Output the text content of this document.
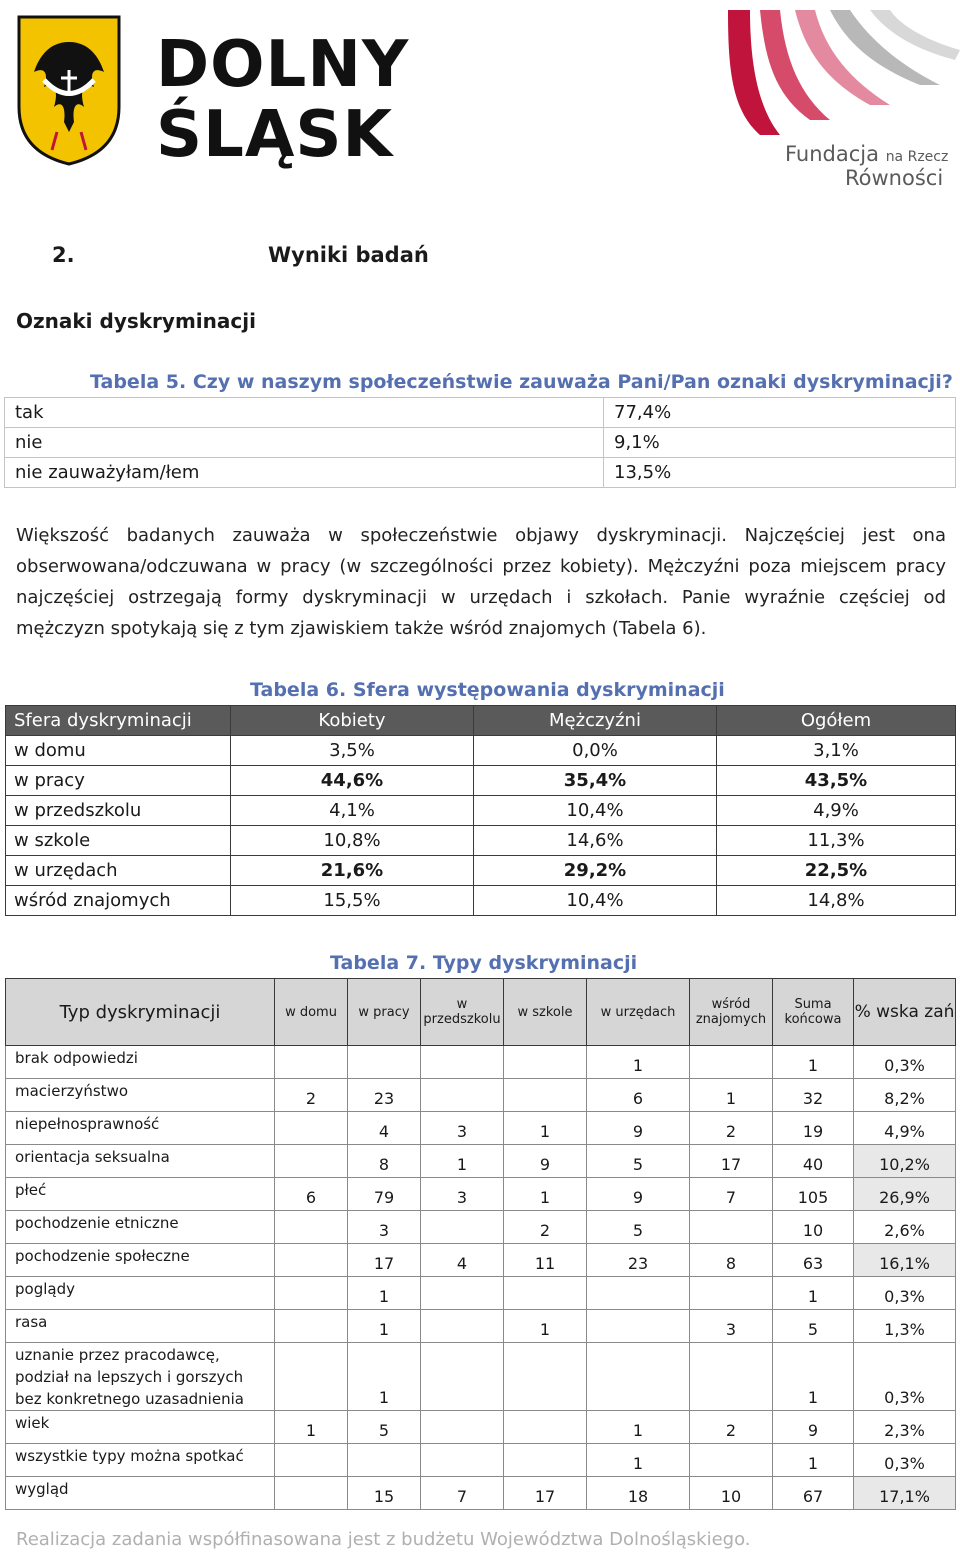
DOLNY
ŚLĄSK	Fundacja na Rzecz
Równości
2.	Wyniki badań
Oznaki dyskryminacji
Tabela 5. Czy w naszym społeczeństwie zauważa Pani/Pan oznaki dyskryminacji?
tak	77,4%
nie	9,1%
nie zauważyłam/łem	13,5%
Większość badanych zauważa w społeczeństwie objawy dyskryminacji. Najczęściej jest ona obserwowana/odczuwana w pracy (w szczególności przez kobiety). Mężczyźni poza miejscem pracy najczęściej ostrzegają formy dyskryminacji w urzędach i szkołach. Panie wyraźnie częściej od mężczyzn spotykają się z tym zjawiskiem także wśród znajomych (Tabela 6).
Tabela 6. Sfera występowania dyskryminacji
Sfera dyskryminacji	Kobiety	Mężczyźni	Ogółem
w domu	3,5%	0,0%	3,1%
w pracy	44,6%	35,4%	43,5%
w przedszkolu	4,1%	10,4%	4,9%
w szkole	10,8%	14,6%	11,3%
w urzędach	21,6%	29,2%	22,5%
wśród znajomych	15,5%	10,4%	14,8%
Tabela 7. Typy dyskryminacji
Typ dyskryminacji	w domu	w pracy	w przedszkolu	w szkole	w urzędach	wśród znajomych	Suma końcowa	% wska zań
brak odpowiedzi					1		1	0,3%
macierzyństwo	2	23			6	1	32	8,2%
niepełnosprawność		4	3	1	9	2	19	4,9%
orientacja seksualna		8	1	9	5	17	40	10,2%
płeć	6	79	3	1	9	7	105	26,9%
pochodzenie etniczne		3		2	5		10	2,6%
pochodzenie społeczne		17	4	11	23	8	63	16,1%
poglądy		1					1	0,3%
rasa		1		1		3	5	1,3%
uznanie przez pracodawcę, podział na lepszych i gorszych bez konkretnego uzasadnienia		1					1	0,3%
wiek	1	5			1	2	9	2,3%
wszystkie typy można spotkać					1		1	0,3%
wygląd		15	7	17	18	10	67	17,1%
Realizacja zadania współfinasowana jest z budżetu Województwa Dolnośląskiego.
